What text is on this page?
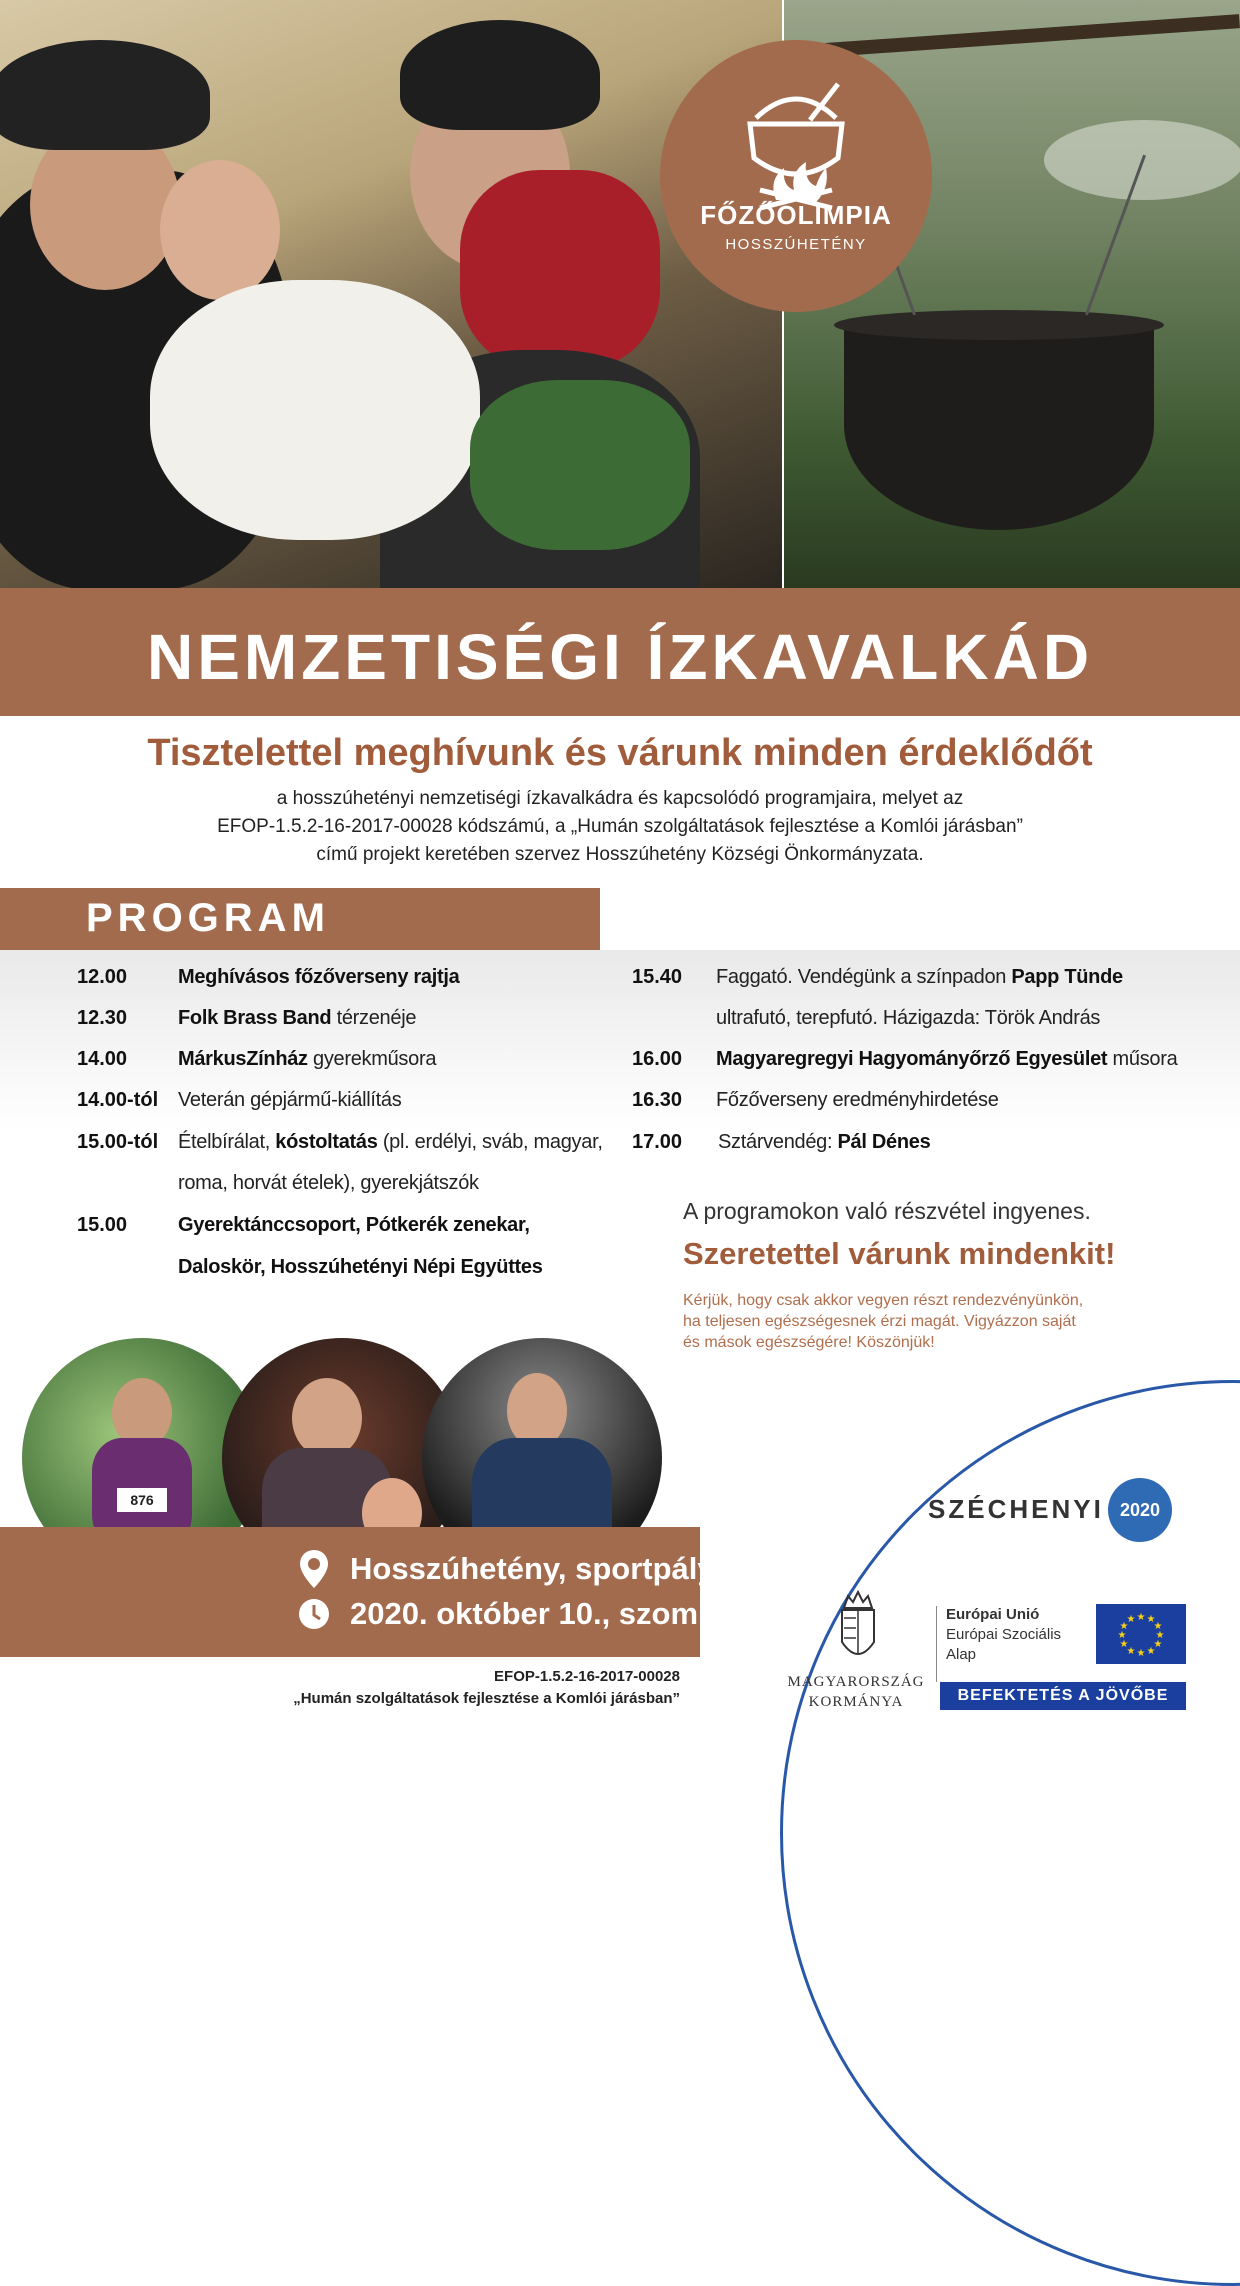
FŐZŐOLIMPIA
HOSSZÚHETÉNY
NEMZETISÉGI ÍZKAVALKÁD
Tisztelettel meghívunk és várunk minden érdeklődőt
a hosszúhetényi nemzetiségi ízkavalkádra és kapcsolódó programjaira, melyet az
EFOP-1.5.2-16-2017-00028 kódszámú, a „Humán szolgáltatások fejlesztése a Komlói járásban”
című projekt keretében szervez Hosszúhetény Községi Önkormányzata.
PROGRAM
12.00	Meghívásos főzőverseny rajtja
12.30	Folk Brass Band térzenéje
14.00	MárkusZínház gyerekműsora
14.00-tól Veterán gépjármű-kiállítás
15.00-tól Ételbírálat, kóstoltatás (pl. erdélyi, sváb, magyar,
roma, horvát ételek), gyerekjátszók
15.00	Gyerektánccsoport, Pótkerék zenekar,
Daloskör, Hosszúhetényi Népi Együttes
15.40 Faggató. Vendégünk a színpadon Papp Tünde
ultrafutó, terepfutó. Házigazda: Török András
16.00 Magyaregregyi Hagyományőrző Egyesület műsora
16.30 Főzőverseny eredményhirdetése
17.00 Sztárvendég: Pál Dénes
A programokon való részvétel ingyenes.
Szeretettel várunk mindenkit!
Kérjük, hogy csak akkor vegyen részt rendezvényünkön,
ha teljesen egészségesnek érzi magát. Vigyázzon saját
és mások egészségére! Köszönjük!
876
Hosszúhetény, sportpálya
2020. október 10., szombat
EFOP-1.5.2-16-2017-00028
„Humán szolgáltatások fejlesztése a Komlói járásban”
SZÉCHENYI 2020
MAGYARORSZÁG
KORMÁNYA
Európai Unió
Európai Szociális
Alap
★ ★
★
★
★
★
★
★
★
★
★
★
BEFEKTETÉS A JÖVŐBE
